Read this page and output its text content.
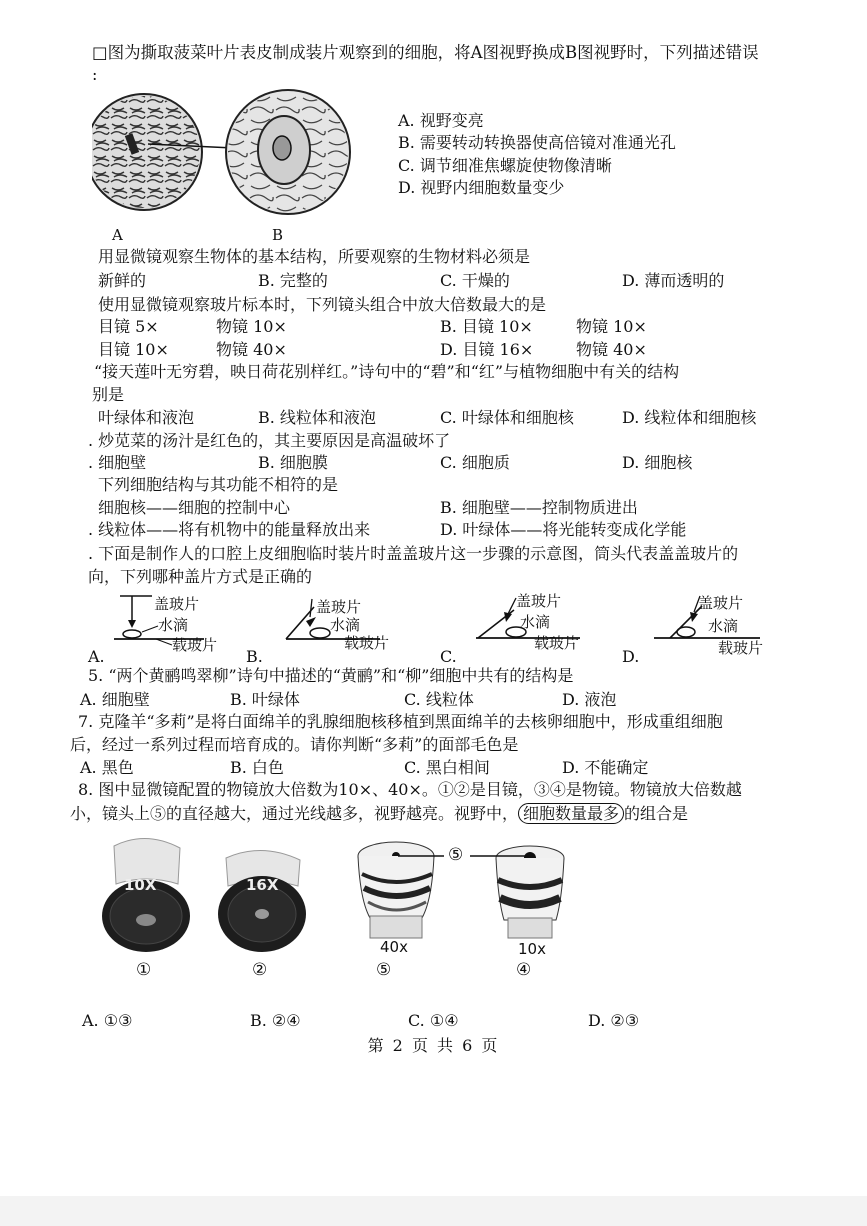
□图为撕取菠菜叶片表皮制成装片观察到的细胞，将A图视野换成B图视野时，下列描述错误
:
A	B
A. 视野变亮
B. 需要转动转换器使高倍镜对准通光孔
C. 调节细准焦螺旋使物像清晰
D. 视野内细胞数量变少
用显微镜观察生物体的基本结构，所要观察的生物材料必须是
新鲜的	B. 完整的	C. 干燥的	D. 薄而透明的
使用显微镜观察玻片标本时，下列镜头组合中放大倍数最大的是
目镜 5×	物镜 10×	B. 目镜 10×	物镜 10×
目镜 10×	物镜 40×	D. 目镜 16×	物镜 40×
“接天莲叶无穷碧，映日荷花别样红。”诗句中的“碧”和“红”与植物细胞中有关的结构
别是
叶绿体和液泡	B. 线粒体和液泡	C. 叶绿体和细胞核	D. 线粒体和细胞核
. 炒苋菜的汤汁是红色的，其主要原因是高温破坏了
. 细胞壁	B. 细胞膜	C. 细胞质	D. 细胞核
下列细胞结构与其功能不相符的是
细胞核——细胞的控制中心	B. 细胞壁——控制物质进出
. 线粒体——将有机物中的能量释放出来	D. 叶绿体——将光能转变成化学能
. 下面是制作人的口腔上皮细胞临时装片时盖盖玻片这一步骤的示意图，筒头代表盖盖玻片的
向，下列哪种盖片方式是正确的
盖玻片
水滴
载玻片
A.
盖玻片
水滴
载玻片
B.
盖玻片
水滴
载玻片
C.
盖玻片
水滴
载玻片
D.
5. “两个黄鹂鸣翠柳”诗句中描述的“黄鹂”和“柳”细胞中共有的结构是
A. 细胞壁	B. 叶绿体	C. 线粒体	D. 液泡
7. 克隆羊“多莉”是将白面绵羊的乳腺细胞核移植到黑面绵羊的去核卵细胞中，形成重组细胞
后，经过一系列过程而培育成的。请你判断“多莉”的面部毛色是
A. 黑色	B. 白色	C. 黑白相间	D. 不能确定
8. 图中显微镜配置的物镜放大倍数为10×、40×。①②是目镜，③④是物镜。物镜放大倍数越
小，镜头上⑤的直径越大，通过光线越多，视野越亮。视野中， 细胞数量最多 的组合是
10X
①
16X
②
40x
⑤
10x
④
⑤
A. ①③	B. ②④	C. ①④	D. ②③
第 2 页 共 6 页
